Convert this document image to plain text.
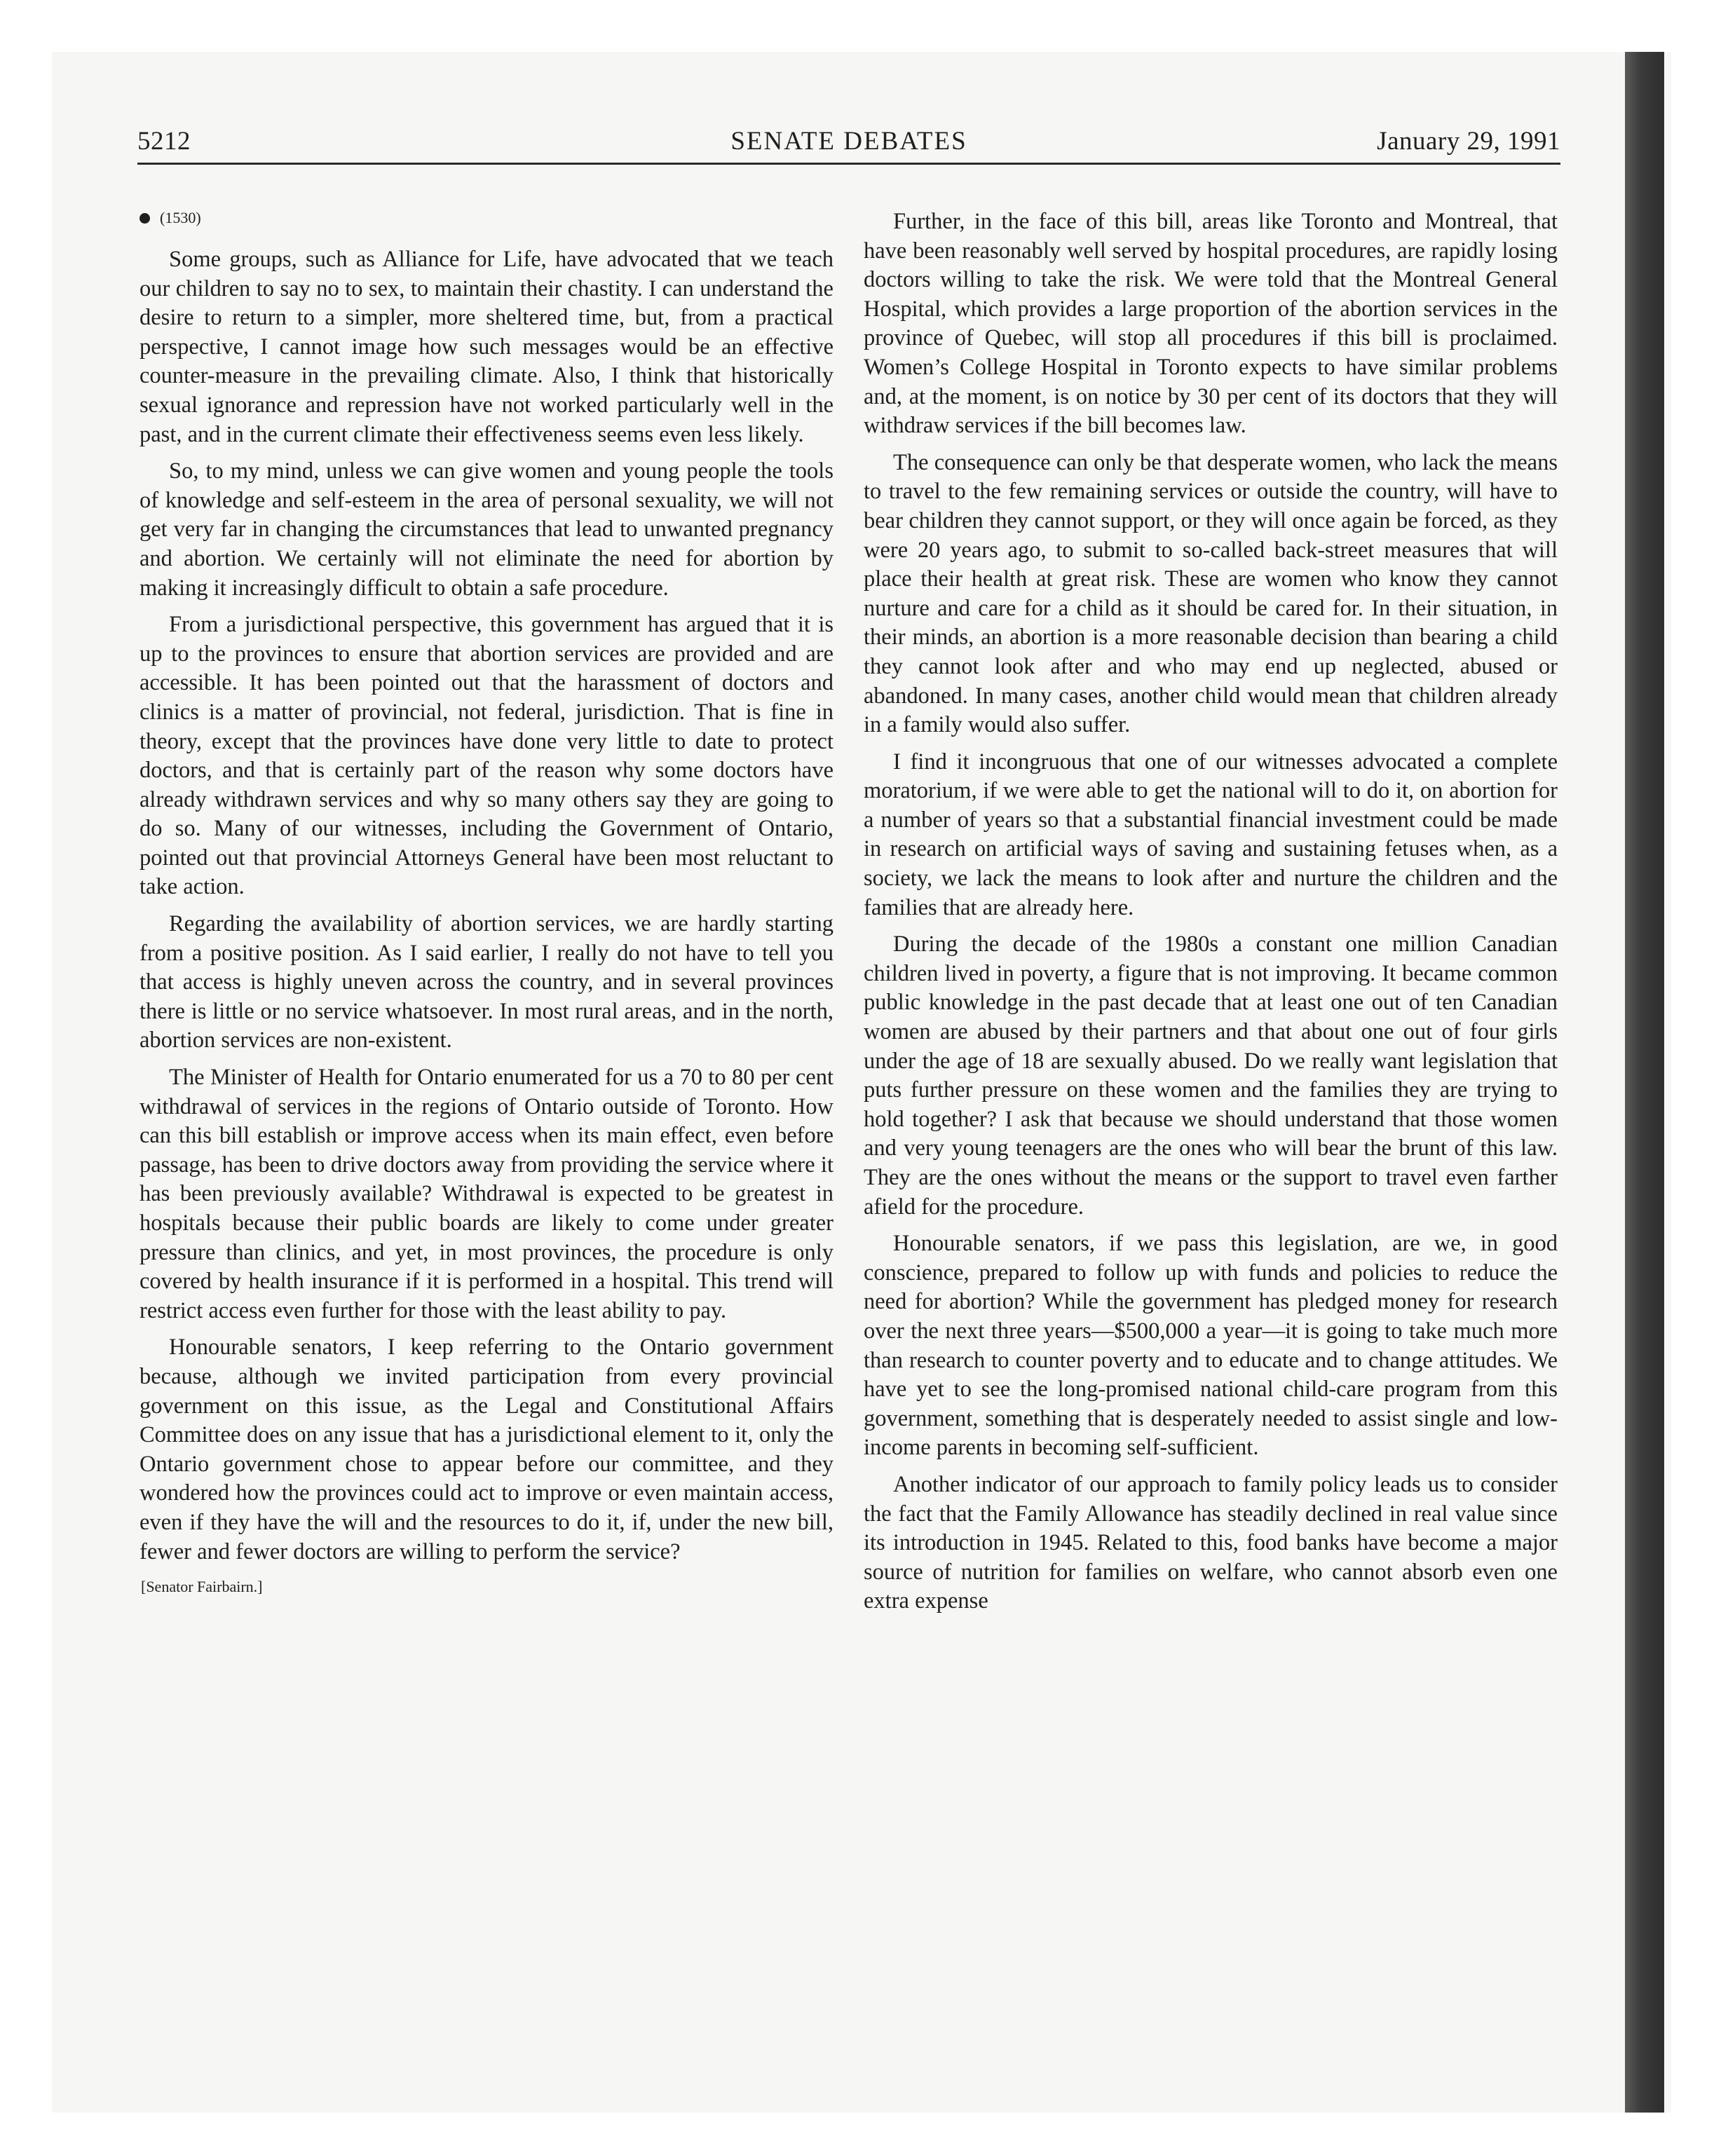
5212	SENATE DEBATES	January 29, 1991
(1530)

Some groups, such as Alliance for Life, have advocated that we teach our children to say no to sex, to maintain their chastity. I can understand the desire to return to a simpler, more sheltered time, but, from a practical perspective, I cannot image how such messages would be an effective counter-measure in the prevailing climate. Also, I think that historically sexual ignorance and repression have not worked particularly well in the past, and in the current climate their effectiveness seems even less likely.

So, to my mind, unless we can give women and young people the tools of knowledge and self-esteem in the area of personal sexuality, we will not get very far in changing the circumstances that lead to unwanted pregnancy and abortion. We certainly will not eliminate the need for abortion by making it increasingly difficult to obtain a safe procedure.

From a jurisdictional perspective, this government has argued that it is up to the provinces to ensure that abortion services are provided and are accessible. It has been pointed out that the harassment of doctors and clinics is a matter of provincial, not federal, jurisdiction. That is fine in theory, except that the provinces have done very little to date to protect doctors, and that is certainly part of the reason why some doctors have already withdrawn services and why so many others say they are going to do so. Many of our witnesses, including the Government of Ontario, pointed out that provincial Attorneys General have been most reluctant to take action.

Regarding the availability of abortion services, we are hardly starting from a positive position. As I said earlier, I really do not have to tell you that access is highly uneven across the country, and in several provinces there is little or no service whatsoever. In most rural areas, and in the north, abortion services are non-existent.

The Minister of Health for Ontario enumerated for us a 70 to 80 per cent withdrawal of services in the regions of Ontario outside of Toronto. How can this bill establish or improve access when its main effect, even before passage, has been to drive doctors away from providing the service where it has been previously available? Withdrawal is expected to be greatest in hospitals because their public boards are likely to come under greater pressure than clinics, and yet, in most provinces, the procedure is only covered by health insurance if it is performed in a hospital. This trend will restrict access even further for those with the least ability to pay.

Honourable senators, I keep referring to the Ontario government because, although we invited participation from every provincial government on this issue, as the Legal and Constitutional Affairs Committee does on any issue that has a jurisdictional element to it, only the Ontario government chose to appear before our committee, and they wondered how the provinces could act to improve or even maintain access, even if they have the will and the resources to do it, if, under the new bill, fewer and fewer doctors are willing to perform the service?

[Senator Fairbairn.]

Further, in the face of this bill, areas like Toronto and Montreal, that have been reasonably well served by hospital procedures, are rapidly losing doctors willing to take the risk. We were told that the Montreal General Hospital, which provides a large proportion of the abortion services in the province of Quebec, will stop all procedures if this bill is proclaimed. Women’s College Hospital in Toronto expects to have similar problems and, at the moment, is on notice by 30 per cent of its doctors that they will withdraw services if the bill becomes law.

The consequence can only be that desperate women, who lack the means to travel to the few remaining services or outside the country, will have to bear children they cannot support, or they will once again be forced, as they were 20 years ago, to submit to so-called back-street measures that will place their health at great risk. These are women who know they cannot nurture and care for a child as it should be cared for. In their situation, in their minds, an abortion is a more reasonable decision than bearing a child they cannot look after and who may end up neglected, abused or abandoned. In many cases, another child would mean that children already in a family would also suffer.

I find it incongruous that one of our witnesses advocated a complete moratorium, if we were able to get the national will to do it, on abortion for a number of years so that a substantial financial investment could be made in research on artificial ways of saving and sustaining fetuses when, as a society, we lack the means to look after and nurture the children and the families that are already here.

During the decade of the 1980s a constant one million Canadian children lived in poverty, a figure that is not improving. It became common public knowledge in the past decade that at least one out of ten Canadian women are abused by their partners and that about one out of four girls under the age of 18 are sexually abused. Do we really want legislation that puts further pressure on these women and the families they are trying to hold together? I ask that because we should understand that those women and very young teenagers are the ones who will bear the brunt of this law. They are the ones without the means or the support to travel even farther afield for the procedure.

Honourable senators, if we pass this legislation, are we, in good conscience, prepared to follow up with funds and policies to reduce the need for abortion? While the government has pledged money for research over the next three years—$500,000 a year—it is going to take much more than research to counter poverty and to educate and to change attitudes. We have yet to see the long-promised national child-care program from this government, something that is desperately needed to assist single and low-income parents in becoming self-sufficient.

Another indicator of our approach to family policy leads us to consider the fact that the Family Allowance has steadily declined in real value since its introduction in 1945. Related to this, food banks have become a major source of nutrition for families on welfare, who cannot absorb even one extra expense
